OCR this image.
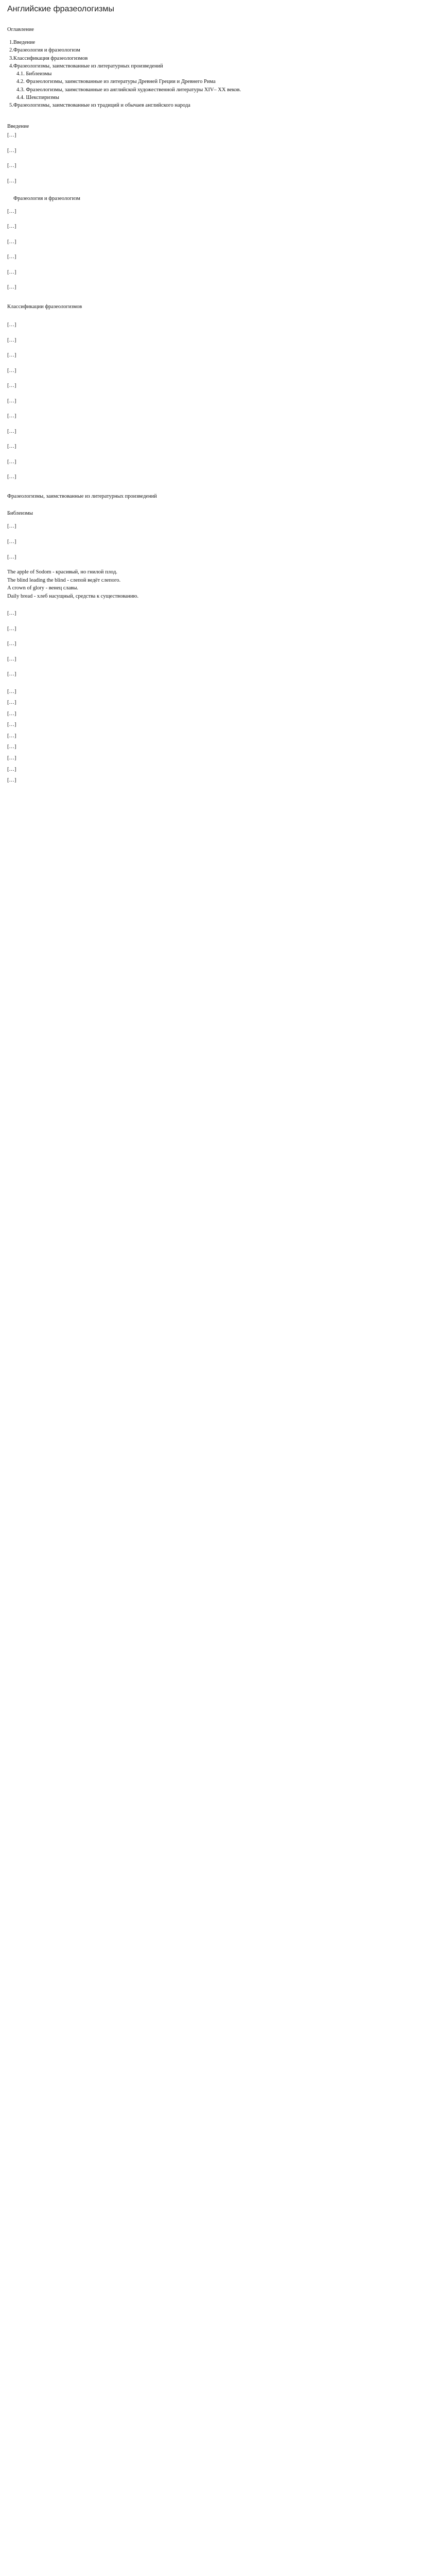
Английские фразеологизмы
Оглавление
1.Введение
2.Фразеология и фразеологизм
3.Классификация фразеологизмов
4.Фразеологизмы, заимствованные из литературных произведений
4.1. Библеизмы
4.2. Фразеологизмы, заимствованные из литературы Древней Греции и Древнего Рима
4.3. Фразеологизмы, заимствованные из английской художественной литературы XIV– XX веков.
4.4. Шекспиризмы
5.Фразеологизмы, заимствованные из традиций и обычаев английского народа
Введение

[…]

[…]

[…]

[…]

Фразеология и фразеологизм

[…]

[…]

[…]

[…]

[…]

[…]

Классификации фразеологизмов

[…]

[…]

[…]

[…]

[…]

[…]

[…]

[…]

[…]

[…]

[…]

Фразеологизмы, заимствованные из литературных произведений
Библеизмы

[…]

[…]

[…]

The apple of Sodom - красивый, но гнилой плод.

The blind leading the blind - слепой ведёт слепого.

A crown of glory - венец славы.

Daily bread - хлеб насущный, средства к существованию.

[…]

[…]

[…]

[…]

[…]

[…]

[…]

[…]

[…]

[…]

[…]

[…]

[…]

[…]
